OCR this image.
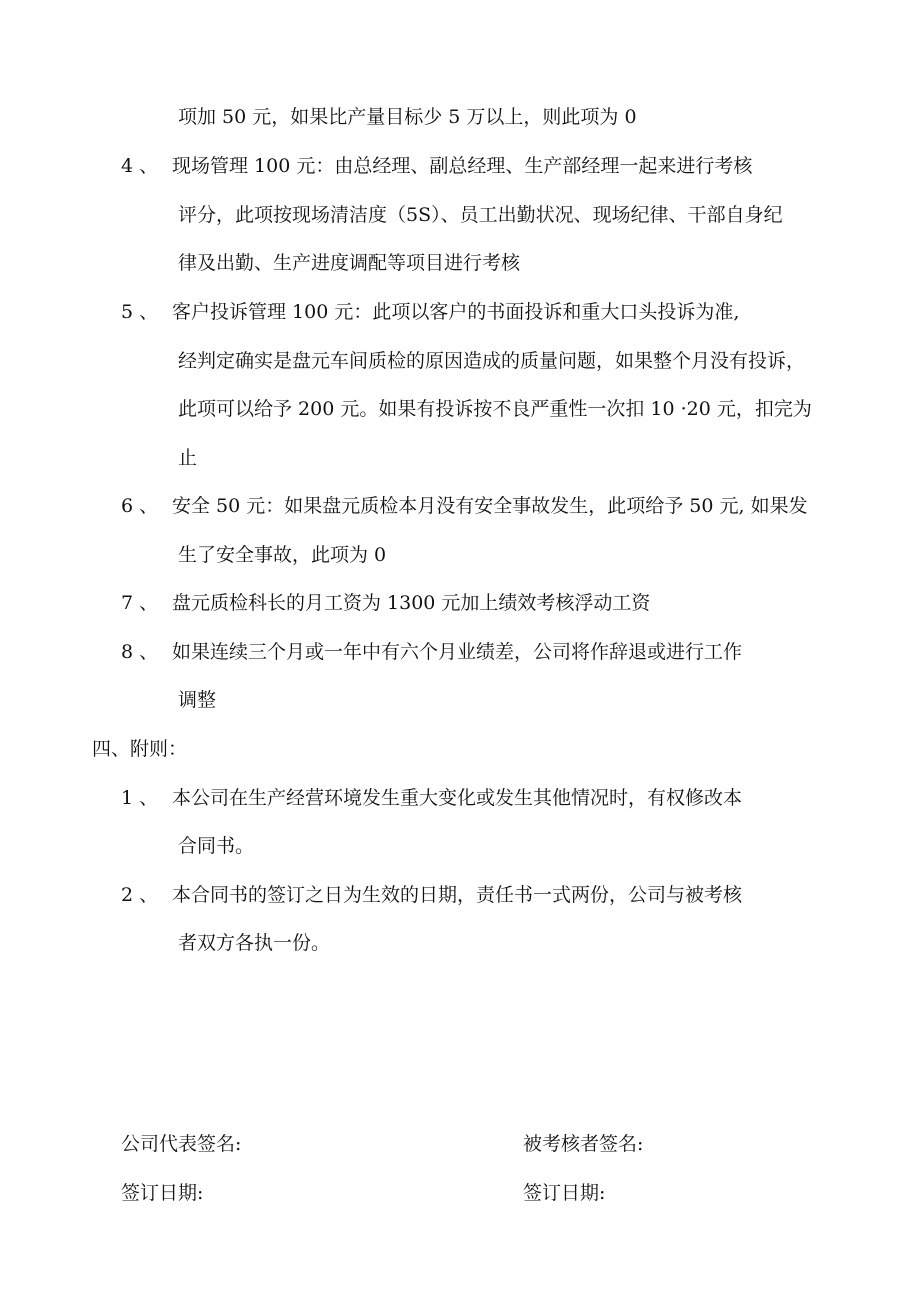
项加 50 元，如果比产量目标少 5 万以上，则此项为 0
4 、 现场管理 100 元：由总经理、副总经理、生产部经理一起来进行考核
评分，此项按现场清洁度（5S）、员工出勤状况、现场纪律、干部自身纪
律及出勤、生产进度调配等项目进行考核
5 、 客户投诉管理 100 元：此项以客户的书面投诉和重大口头投诉为准,
经判定确实是盘元车间质检的原因造成的质量问题，如果整个月没有投诉，
此项可以给予 200 元。如果有投诉按不良严重性一次扣 10 ·20 元，扣完为
止
6 、 安全 50 元：如果盘元质检本月没有安全事故发生，此项给予 50 元, 如果发
生了安全事故，此项为 0
7 、 盘元质检科长的月工资为 1300 元加上绩效考核浮动工资
8 、 如果连续三个月或一年中有六个月业绩差，公司将作辞退或进行工作
调整
四、附则：
1 、 本公司在生产经营环境发生重大变化或发生其他情况时，有权修改本
合同书。
2 、 本合同书的签订之日为生效的日期，责任书一式两份，公司与被考核
者双方各执一份。
公司代表签名:
签订日期:
被考核者签名:
签订日期:
